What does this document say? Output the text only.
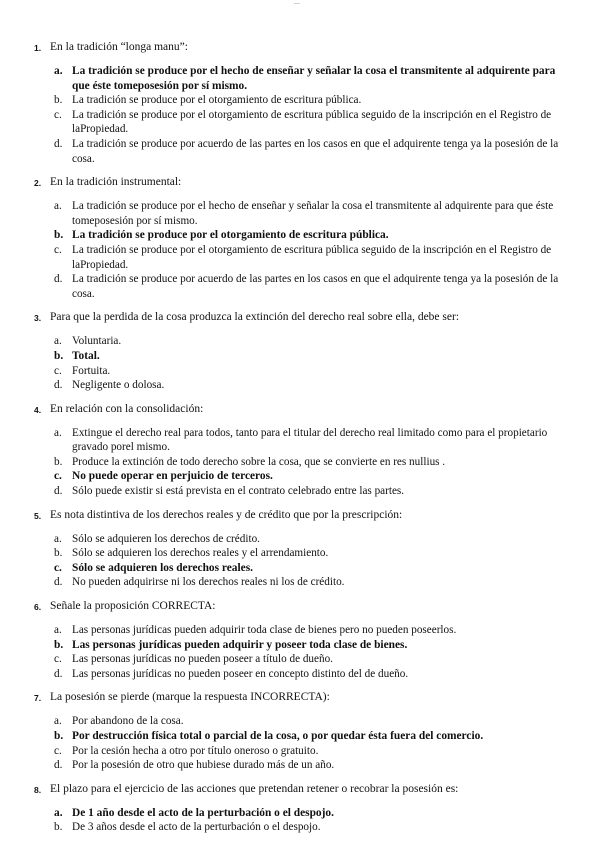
—
1. En la tradición “longa manu”:
a. La tradición se produce por el hecho de enseñar y señalar la cosa el transmitente al adquirente para que éste tomeposesión por sí mismo.
b. La tradición se produce por el otorgamiento de escritura pública.
c. La tradición se produce por el otorgamiento de escritura pública seguido de la inscripción en el Registro de laPropiedad.
d. La tradición se produce por acuerdo de las partes en los casos en que el adquirente tenga ya la posesión de la cosa.
2. En la tradición instrumental:
a. La tradición se produce por el hecho de enseñar y señalar la cosa el transmitente al adquirente para que éste tomeposesión por sí mismo.
b. La tradición se produce por el otorgamiento de escritura pública.
c. La tradición se produce por el otorgamiento de escritura pública seguido de la inscripción en el Registro de laPropiedad.
d. La tradición se produce por acuerdo de las partes en los casos en que el adquirente tenga ya la posesión de la cosa.
3. Para que la perdida de la cosa produzca la extinción del derecho real sobre ella, debe ser:
a. Voluntaria.
b. Total.
c. Fortuita.
d. Negligente o dolosa.
4. En relación con la consolidación:
a. Extingue el derecho real para todos, tanto para el titular del derecho real limitado como para el propietario gravado porel mismo.
b. Produce la extinción de todo derecho sobre la cosa, que se convierte en res nullius .
c. No puede operar en perjuicio de terceros.
d. Sólo puede existir si está prevista en el contrato celebrado entre las partes.
5. Es nota distintiva de los derechos reales y de crédito que por la prescripción:
a. Sólo se adquieren los derechos de crédito.
b. Sólo se adquieren los derechos reales y el arrendamiento.
c. Sólo se adquieren los derechos reales.
d. No pueden adquirirse ni los derechos reales ni los de crédito.
6. Señale la proposición CORRECTA:
a. Las personas jurídicas pueden adquirir toda clase de bienes pero no pueden poseerlos.
b. Las personas jurídicas pueden adquirir y poseer toda clase de bienes.
c. Las personas jurídicas no pueden poseer a título de dueño.
d. Las personas jurídicas no pueden poseer en concepto distinto del de dueño.
7. La posesión se pierde (marque la respuesta INCORRECTA):
a. Por abandono de la cosa.
b. Por destrucción física total o parcial de la cosa, o por quedar ésta fuera del comercio.
c. Por la cesión hecha a otro por título oneroso o gratuito.
d. Por la posesión de otro que hubiese durado más de un año.
8. El plazo para el ejercicio de las acciones que pretendan retener o recobrar la posesión es:
a. De 1 año desde el acto de la perturbación o el despojo.
b. De 3 años desde el acto de la perturbación o el despojo.
